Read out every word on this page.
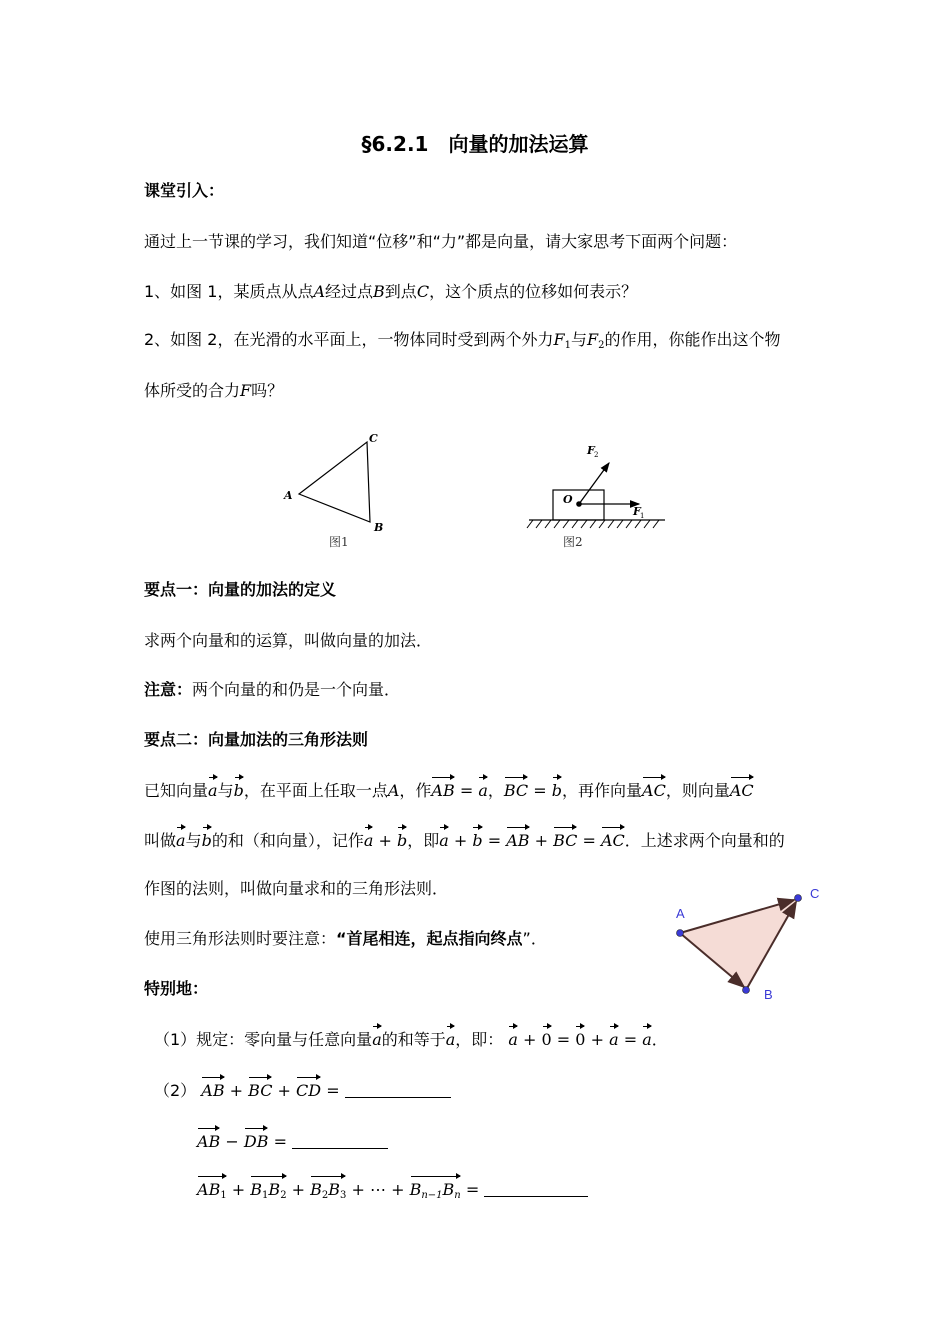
§6.2.1　向量的加法运算
课堂引入：
通过上一节课的学习，我们知道“位移”和“力”都是向量，请大家思考下面两个问题：
1、如图 1，某质点从点A经过点B到点C，这个质点的位移如何表示？
2、如图 2，在光滑的水平面上，一物体同时受到两个外力$F_1$与$F_2$的作用，你能作出这个物
体所受的合力F吗？
A
C
B
图1
O
F 1
F 2
图2
要点一：向量的加法的定义
求两个向量和的运算，叫做向量的加法．
注意：两个向量的和仍是一个向量．
要点二：向量加法的三角形法则
已知向量a与b，在平面上任取一点A，作AB = a，BC = b，再作向量AC，则向量AC
叫做a与b的和（和向量），记作a + b，即a + b = AB + BC = AC．上述求两个向量和的
作图的法则，叫做向量求和的三角形法则．
使用三角形法则时要注意：“首尾相连，起点指向终点”．
A
C
B
特别地：
（1）规定：零向量与任意向量a的和等于a，即： a + 0 = 0 + a = a．
（2） AB + BC + CD =
AB − DB =
$AB_1 + B_1B_2 + B_2B_3$ + ⋯ + $B_{n-1}B_n$ =
